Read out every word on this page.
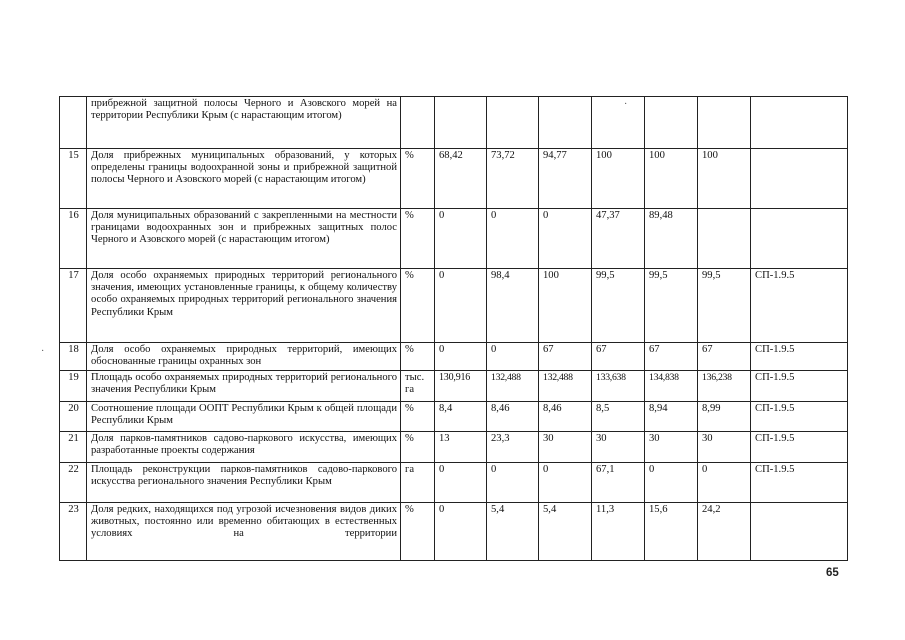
	прибрежной защитной полосы Черного и Азовского морей на территории Республики Крым (с нарастающим итогом)								
15	Доля прибрежных муниципальных образований, у которых определены границы водоохранной зоны и прибрежной защитной полосы Черного и Азовского морей (с нарастающим итогом)	%	68,42	73,72	94,77	100	100	100	
16	Доля муниципальных образований с закрепленными на местности границами водоохранных зон и прибрежных защитных полос Черного и Азовского морей (с нарастающим итогом)	%	0	0	0	47,37	89,48		
17	Доля особо охраняемых природных территорий регионального значения, имеющих установленные границы, к общему количеству особо охраняемых природных территорий регионального значения Республики Крым	%	0	98,4	100	99,5	99,5	99,5	СП-1.9.5
18	Доля особо охраняемых природных территорий, имеющих обоснованные границы охранных зон	%	0	0	67	67	67	67	СП-1.9.5
19	Площадь особо охраняемых природных территорий регионального значения Республики Крым	тыс. га	130,916	132,488	132,488	133,638	134,838	136,238	СП-1.9.5
20	Соотношение площади ООПТ Республики Крым к общей площади Республики Крым	%	8,4	8,46	8,46	8,5	8,94	8,99	СП-1.9.5
21	Доля парков-памятников садово-паркового искусства, имеющих разработанные проекты содержания	%	13	23,3	30	30	30	30	СП-1.9.5
22	Площадь реконструкции парков-памятников садово-паркового искусства регионального значения Республики Крым	га	0	0	0	67,1	0	0	СП-1.9.5
23	Доля редких, находящихся под угрозой исчезновения видов диких животных, постоянно или временно обитающих в естественных условиях на территории	%	0	5,4	5,4	11,3	15,6	24,2	
·
·
65
